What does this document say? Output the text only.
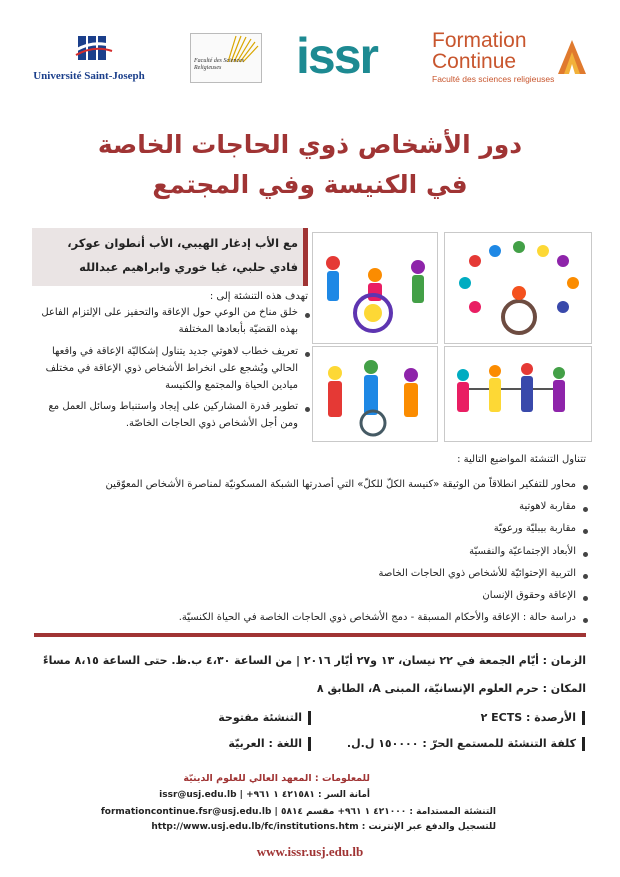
Université Saint-Joseph
Faculté des Sciences Religieuses	issr	Formation
Continue
Faculté des sciences religieuses
دور الأشخاص ذوي الحاجات الخاصة
في الكنيسة وفي المجتمع
مع الأب إدغار الهيبي، الأب أنطوان عوكر،
فادي حلبي، غيا خوري وابراهيم عبدالله
تهدف هذه التنشئة إلى :
خلق مناخ من الوعي حول الإعاقة والتحفيز على الإلتزام الفاعل
بهذه القضيّة بأبعادها المختلفة
تعريف خطاب لاهوتي جديد يتناول إشكاليّة الإعاقة في واقعها
الحالي ويُشجع على انخراط الأشخاص ذوي الإعاقة في مختلف
ميادين الحياة والمجتمع والكنيسة
تطوير قدرة المشاركين على إيجاد واستنباط وسائل العمل مع
ومن أجل الأشخاص ذوي الحاجات الخاصّة.
تتناول التنشئة المواضيع التالية :
محاور للتفكير انطلاقاً من الوثيقة «كنيسة الكلّ للكلّ» التي أصدرتها الشبكة المسكونيّة لمناصرة الأشخاص المعوّقين
مقاربة لاهوتية
مقاربة بيبليّة ورعويّة
الأبعاد الإجتماعيّة والنفسيّة
التربية الإحتوائيّة للأشخاص ذوي الحاجات الخاصة
الإعاقة وحقوق الإنسان
دراسة حالة : الإعاقة والأحكام المسبقة - دمج الأشخاص ذوي الحاجات الخاصة في الحياة الكنسيّة.
الزمان : أيّام الجمعة في ٢٢ نيسان، ١٣ و٢٧ أيّار ٢٠١٦ | من الساعة ٤،٣٠ ب.ظ. حتى الساعة ٨،١٥ مساءً
المكان : حرم العلوم الإنسانيّة، المبنى A، الطابق ٨
الأرصدة : ECTS ٢
التنشئة مفتوحة
كلفة التنشئة للمستمع الحرّ : ١٥٠٠٠٠ ل.ل.
اللغة : العربيّة
للمعلومات : المعهد العالي للعلوم الدينيّة
أمانة السر : ٤٢١٥٨١ ١ ٩٦١+ | issr@usj.edu.lb
التنشئة المستدامة : ٤٢١٠٠٠ ١ ٩٦١+ مقسم ٥٨١٤ | formationcontinue.fsr@usj.edu.lb
للتسجيل والدفع عبر الإنترنت : http://www.usj.edu.lb/fc/institutions.htm
www.issr.usj.edu.lb
